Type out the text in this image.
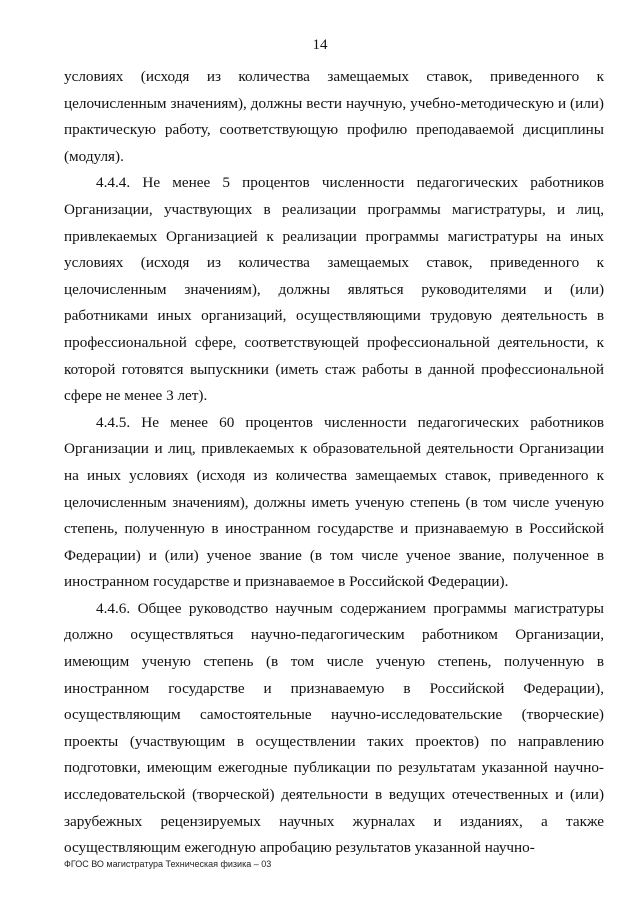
14

условиях (исходя из количества замещаемых ставок, приведенного к целочисленным значениям), должны вести научную, учебно-методическую и (или) практическую работу, соответствующую профилю преподаваемой дисциплины (модуля).

4.4.4. Не менее 5 процентов численности педагогических работников Организации, участвующих в реализации программы магистратуры, и лиц, привлекаемых Организацией к реализации программы магистратуры на иных условиях (исходя из количества замещаемых ставок, приведенного к целочисленным значениям), должны являться руководителями и (или) работниками иных организаций, осуществляющими трудовую деятельность в профессиональной сфере, соответствующей профессиональной деятельности, к которой готовятся выпускники (иметь стаж работы в данной профессиональной сфере не менее 3 лет).

4.4.5. Не менее 60 процентов численности педагогических работников Организации и лиц, привлекаемых к образовательной деятельности Организации на иных условиях (исходя из количества замещаемых ставок, приведенного к целочисленным значениям), должны иметь ученую степень (в том числе ученую степень, полученную в иностранном государстве и признаваемую в Российской Федерации) и (или) ученое звание (в том числе ученое звание, полученное в иностранном государстве и признаваемое в Российской Федерации).

4.4.6. Общее руководство научным содержанием программы магистратуры должно осуществляться научно-педагогическим работником Организации, имеющим ученую степень (в том числе ученую степень, полученную в иностранном государстве и признаваемую в Российской Федерации), осуществляющим самостоятельные научно-исследовательские (творческие) проекты (участвующим в осуществлении таких проектов) по направлению подготовки, имеющим ежегодные публикации по результатам указанной научно-исследовательской (творческой) деятельности в ведущих отечественных и (или) зарубежных рецензируемых научных журналах и изданиях, а также осуществляющим ежегодную апробацию результатов указанной научно-

ФГОС ВО магистратура Техническая физика – 03
